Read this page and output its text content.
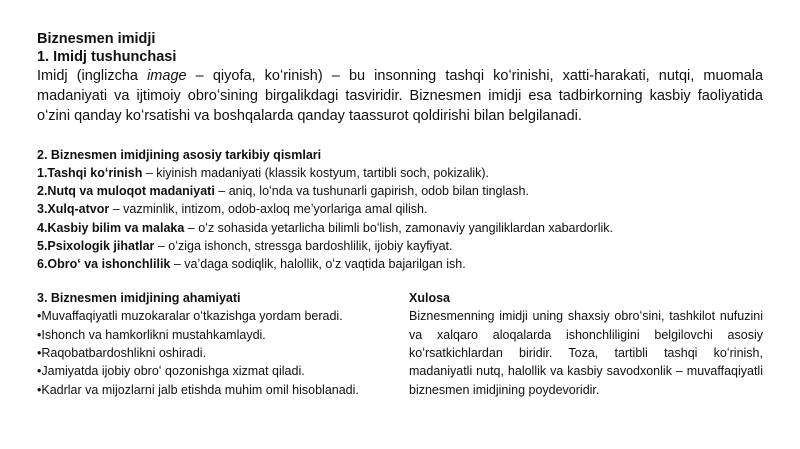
Biznesmen imidji
1. Imidj tushunchasi

Imidj (inglizcha image – qiyofa, koʻrinish) – bu insonning tashqi koʻrinishi, xatti-harakati, nutqi, muomala madaniyati va ijtimoiy obroʻsining birgalikdagi tasviridir. Biznesmen imidji esa tadbirkorning kasbiy faoliyatida oʻzini qanday koʻrsatishi va boshqalarda qanday taassurot qoldirishi bilan belgilanadi.

2. Biznesmen imidjining asosiy tarkibiy qismlari
1.Tashqi koʻrinish – kiyinish madaniyati (klassik kostyum, tartibli soch, pokizalik).
2.Nutq va muloqot madaniyati – aniq, loʻnda va tushunarli gapirish, odob bilan tinglash.
3.Xulq-atvor – vazminlik, intizom, odob-axloq meʼyorlariga amal qilish.
4.Kasbiy bilim va malaka – oʻz sohasida yetarlicha bilimli boʻlish, zamonaviy yangiliklardan xabardorlik.
5.Psixologik jihatlar – oʻziga ishonch, stressga bardoshlilik, ijobiy kayfiyat.
6.Obroʻ va ishonchlilik – vaʼdaga sodiqlik, halollik, oʻz vaqtida bajarilgan ish.
3. Biznesmen imidjining ahamiyati
•Muvaffaqiyatli muzokaralar oʻtkazishga yordam beradi.
•Ishonch va hamkorlikni mustahkamlaydi.
•Raqobatbardoshlikni oshiradi.
•Jamiyatda ijobiy obroʻ qozonishga xizmat qiladi.
•Kadrlar va mijozlarni jalb etishda muhim omil hisoblanadi.
Xulosa

Biznesmenning imidji uning shaxsiy obroʻsini, tashkilot nufuzini va xalqaro aloqalarda ishonchliligini belgilovchi asosiy koʻrsatkichlardan biridir. Toza, tartibli tashqi koʻrinish, madaniyatli nutq, halollik va kasbiy savodxonlik – muvaffaqiyatli biznesmen imidjining poydevoridir.
